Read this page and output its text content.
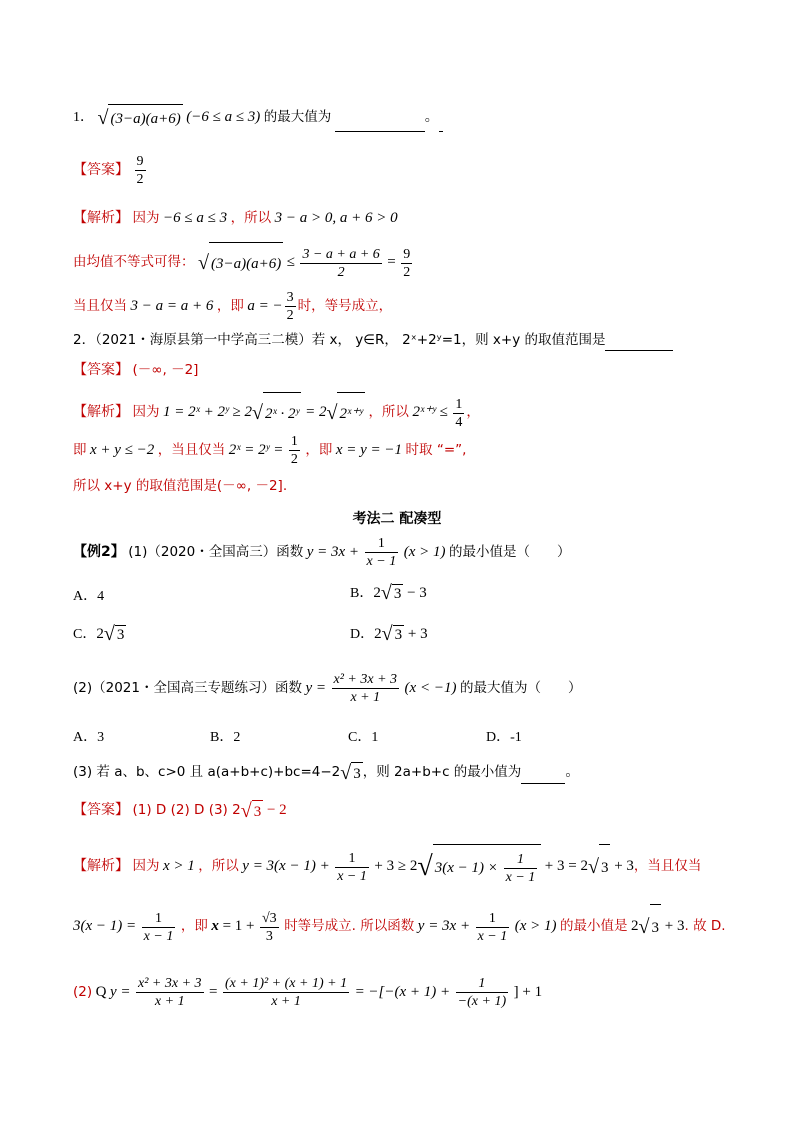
1． √ (3−a)(a+6) (−6 ≤ a ≤ 3) 的最大值为	。
【答案】 $\frac{9}{2}$
【解析】 因为 −6 ≤ a ≤ 3 ，所以 3 − a > 0, a + 6 > 0
由均值不等式可得： √ $(3-a)(a+6) \le \frac{3 - a + a + 6}{2} = \frac{9}{2}$
当且仅当 3 − a = a + 6 ，即 a = − $\frac{3}{2}$ 时，等号成立，
2．（2021・海原县第一中学高三二模）若 x， y∈R， 2ˣ+2ʸ=1，则 x+y 的取值范围是
【答案】 (－∞, －2]
【解析】 因为 1 = 2ˣ + 2ʸ ≥ 2√ 2ˣ · 2ʸ = 2√ 2ˣ⁺ʸ ，所以 2ˣ⁺ʸ ≤ $\frac{1}{4}$ ，
即 x + y ≤ −2 ，当且仅当 2ˣ = 2ʸ = $\frac{1}{2}$ ，即 x = y = −1 时取 “=”,
所以 x+y 的取值范围是(－∞, －2].
考法二 配凑型
【例2】 (1)（2020・全国高三）函数 $y = 3x + \frac{1}{x - 1} (x > 1)$ 的最小值是（　　）
A．4	B．2√ 3 − 3
C．2√ 3	D．2√ 3 + 3
(2)（2021・全国高三专题练习）函数 $y = \frac{\text{x² + 3x + 3}}{x + 1} (x < -1)$ 的最大值为（　　）
A．3	B．2	C．1	D．-1
(3) 若 a、b、c>0 且 a(a+b+c)+bc=4−2√ 3 ，则 2a+b+c 的最小值为	。
【答案】 (1) D (2) D (3) 2√ 3 − 2
【解析】 因为 x > 1 ，所以 $y = 3(x - 1) + \frac{1}{x - 1} + 3 \ge 2√$ $3(x - 1) \times \frac{1}{x - 1} + 3 = 2√$ 3 + 3，当且仅当
$3(x - 1) = \frac{1}{x - 1}$ ，即 $x = 1 + \frac{√3}{3}$ 时等号成立. 所以函数 $y = 3x + \frac{1}{x - 1} (x > 1)$ 的最小值是 2√ 3 + 3. 故 D.
(2) Q $y = \frac{\text{x² + 3x + 3}}{x + 1} = \frac{\text{(x + 1)² + (x + 1) + 1}}{x + 1} = -[-(x + 1) + \frac{1}{-(x + 1)}$ ] + 1
